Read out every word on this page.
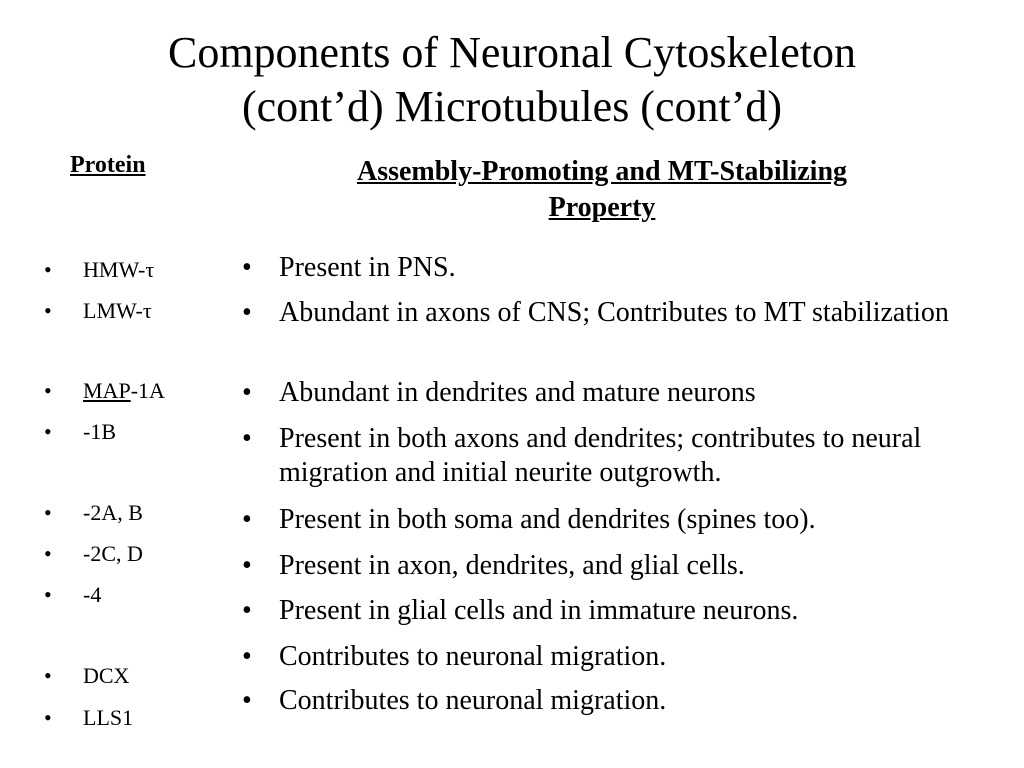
Components of Neuronal Cytoskeleton
(cont’d) Microtubules (cont’d)
Protein	Assembly-Promoting and MT-Stabilizing
Property
• HMW-τ
• LMW-τ
• MAP-1A
• -1B
• -2A, B
• -2C, D
• -4
• DCX
• LLS1
• Present in PNS.
• Abundant in axons of CNS; Contributes to MT stabilization
• Abundant in dendrites and mature neurons
• Present in both axons and dendrites; contributes to neural migration and initial neurite outgrowth.
• Present in both soma and dendrites (spines too).
• Present in axon, dendrites, and glial cells.
• Present in glial cells and in immature neurons.
• Contributes to neuronal migration.
• Contributes to neuronal migration.
